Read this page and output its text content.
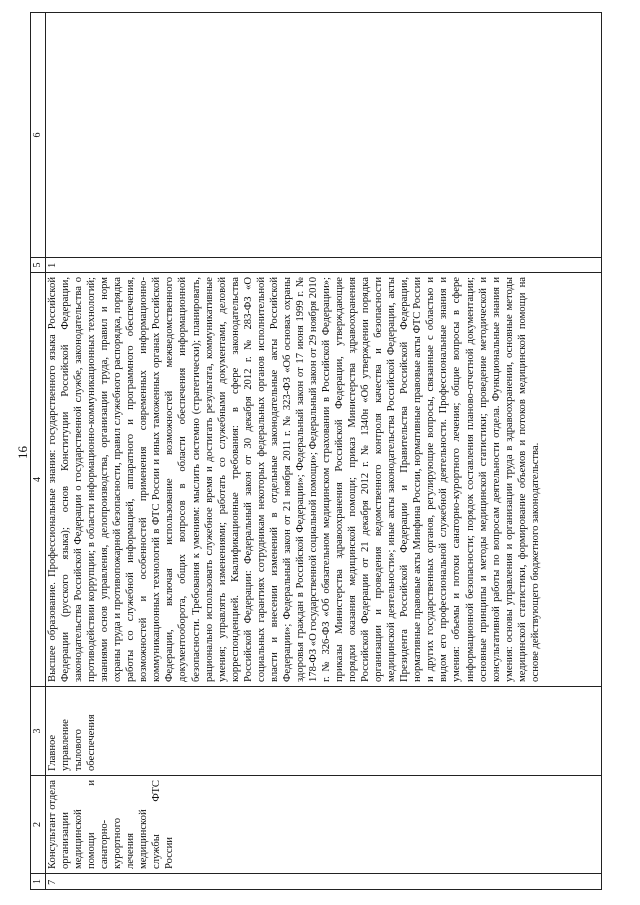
16
1	2	3	4	5	6
7	Консультант отдела организации медицинской помощи и санаторно-курортного лечения медицинской службы ФТС России	Главное управление тылового обеспечения	Высшее образование. Профессиональные знания: государственного языка Российской Федерации (русского языка); основ Конституции Российской Федерации, законодательства Российской Федерации о государственной службе, законодательства о противодействии коррупции; в области информационно-коммуникационных технологий; знаниями основ управления, делопроизводства, организации труда, правил и норм охраны труда и противопожарной безопасности, правил служебного распорядка, порядка работы со служебной информацией, аппаратного и программного обеспечения, возможностей и особенностей применения современных информационно-коммуникационных технологий в ФТС России и иных таможенных органах Российской Федерации, включая использование возможностей межведомственного документооборота, общих вопросов в области обеспечения информационной безопасности. Требования к умениям: мыслить системно (стратегически); планировать, рационально использовать служебное время и достигать результата, коммуникативные умения; управлять изменениями; работать со служебными документами, деловой корреспонденцией. Квалификационные требования: в сфере законодательства Российской Федерации: Федеральный закон от 30 декабря 2012 г. № 283-ФЗ «О социальных гарантиях сотрудникам некоторых федеральных органов исполнительной власти и внесении изменений в отдельные законодательные акты Российской Федерации»; Федеральный закон от 21 ноября 2011 г. № 323-ФЗ «Об основах охраны здоровья граждан в Российской Федерации»; Федеральный закон от 17 июня 1999 г. № 178-ФЗ «О государственной социальной помощи»; Федеральный закон от 29 ноября 2010 г. № 326-ФЗ «Об обязательном медицинском страховании в Российской Федерации»; приказы Министерства здравоохранения Российской Федерации, утверждающие порядки оказания медицинской помощи; приказ Министерства здравоохранения Российской Федерации от 21 декабря 2012 г. № 1340н «Об утверждении порядка организации и проведения ведомственного контроля качества и безопасности медицинской деятельности»; иные акты законодательства Российской Федерации, акты Президента Российской Федерации и Правительства Российской Федерации, нормативные правовые акты Минфина России, нормативные правовые акты ФТС России и других государственных органов, регулирующие вопросы, связанные с областью и видом его профессиональной служебной деятельности. Профессиональные знания и умения: объемы и потоки санаторно-курортного лечения; общие вопросы в сфере информационной безопасности; порядок составления планово-отчетной документации; основные принципы и методы медицинской статистики; проведение методической и консультативной работы по вопросам деятельности отдела. Функциональные знания и умения: основы управления и организации труда в здравоохранении, основные методы медицинской статистики, формирование объемов и потоков медицинской помощи на основе действующего бюджетного законодательства.	1	
